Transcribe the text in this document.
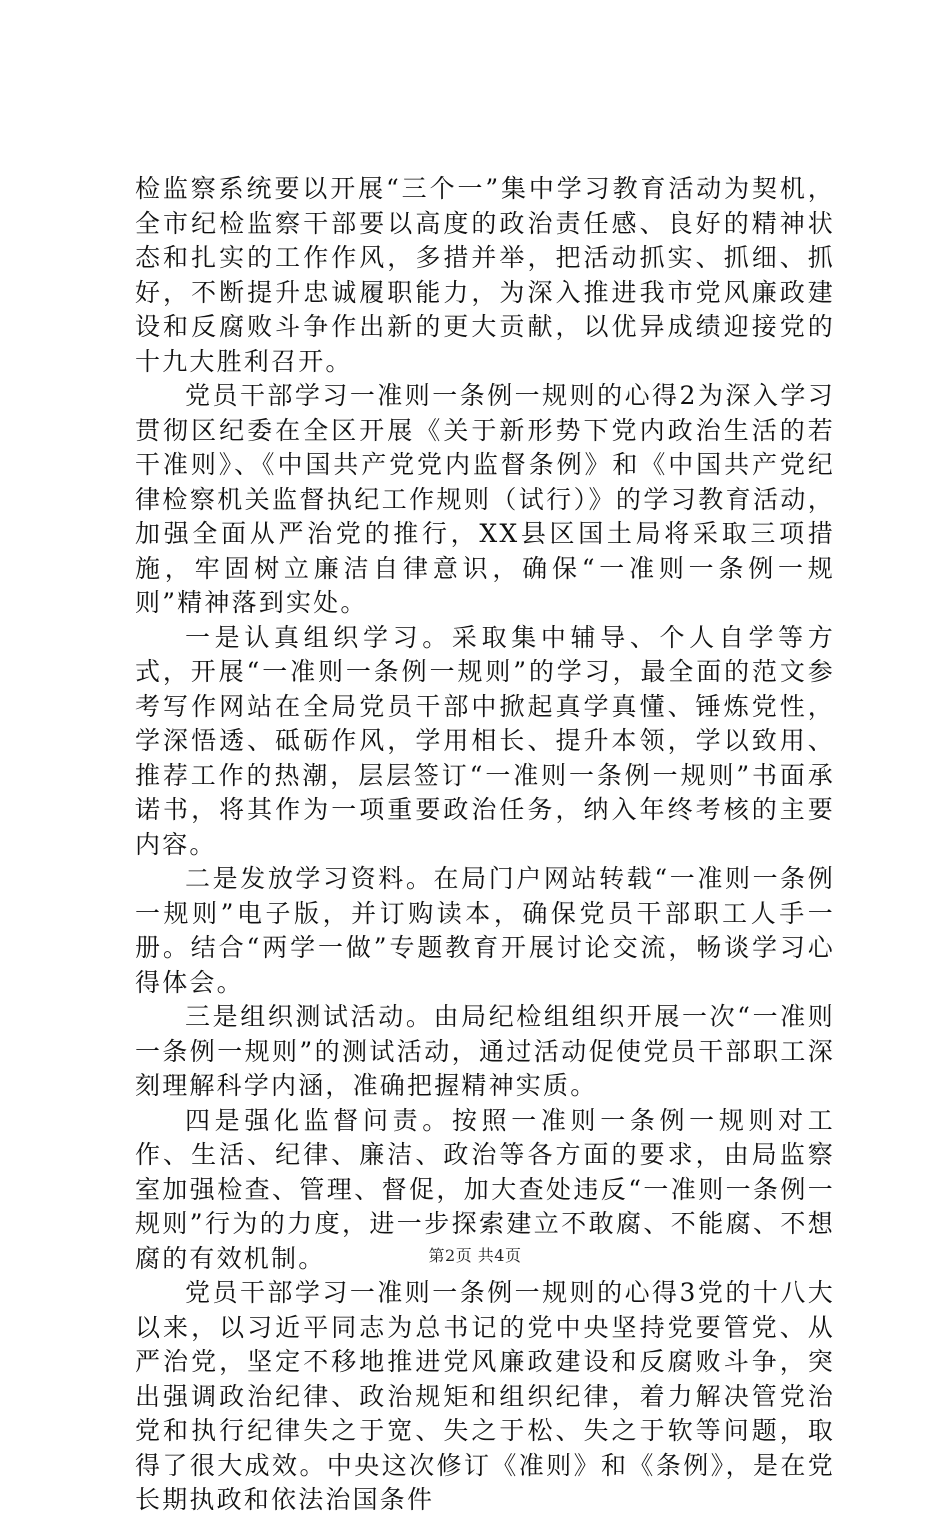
检监察系统要以开展“三个一”集中学习教育活动为契机，全市纪检监察干部要以高度的政治责任感、良好的精神状态和扎实的工作作风，多措并举，把活动抓实、抓细、抓好，不断提升忠诚履职能力，为深入推进我市党风廉政建设和反腐败斗争作出新的更大贡献，以优异成绩迎接党的十九大胜利召开。

党员干部学习一准则一条例一规则的心得2为深入学习贯彻区纪委在全区开展《关于新形势下党内政治生活的若干准则》、《中国共产党党内监督条例》和《中国共产党纪律检察机关监督执纪工作规则（试行）》的学习教育活动，加强全面从严治党的推行，XX县区国土局将采取三项措施，牢固树立廉洁自律意识，确保“一准则一条例一规则”精神落到实处。

一是认真组织学习。采取集中辅导、个人自学等方式，开展“一准则一条例一规则”的学习，最全面的范文参考写作网站在全局党员干部中掀起真学真懂、锤炼党性，学深悟透、砥砺作风，学用相长、提升本领，学以致用、推荐工作的热潮，层层签订“一准则一条例一规则”书面承诺书，将其作为一项重要政治任务，纳入年终考核的主要内容。

二是发放学习资料。在局门户网站转载“一准则一条例一规则”电子版，并订购读本，确保党员干部职工人手一册。结合“两学一做”专题教育开展讨论交流，畅谈学习心得体会。

三是组织测试活动。由局纪检组组织开展一次“一准则一条例一规则”的测试活动，通过活动促使党员干部职工深刻理解科学内涵，准确把握精神实质。

四是强化监督问责。按照一准则一条例一规则对工作、生活、纪律、廉洁、政治等各方面的要求，由局监察室加强检查、管理、督促，加大查处违反“一准则一条例一规则”行为的力度，进一步探索建立不敢腐、不能腐、不想腐的有效机制。

党员干部学习一准则一条例一规则的心得3党的十八大以来，以习近平同志为总书记的党中央坚持党要管党、从严治党，坚定不移地推进党风廉政建设和反腐败斗争，突出强调政治纪律、政治规矩和组织纪律，着力解决管党治党和执行纪律失之于宽、失之于松、失之于软等问题，取得了很大成效。中央这次修订《准则》和《条例》，是在党长期执政和依法治国条件

第2页 共4页
